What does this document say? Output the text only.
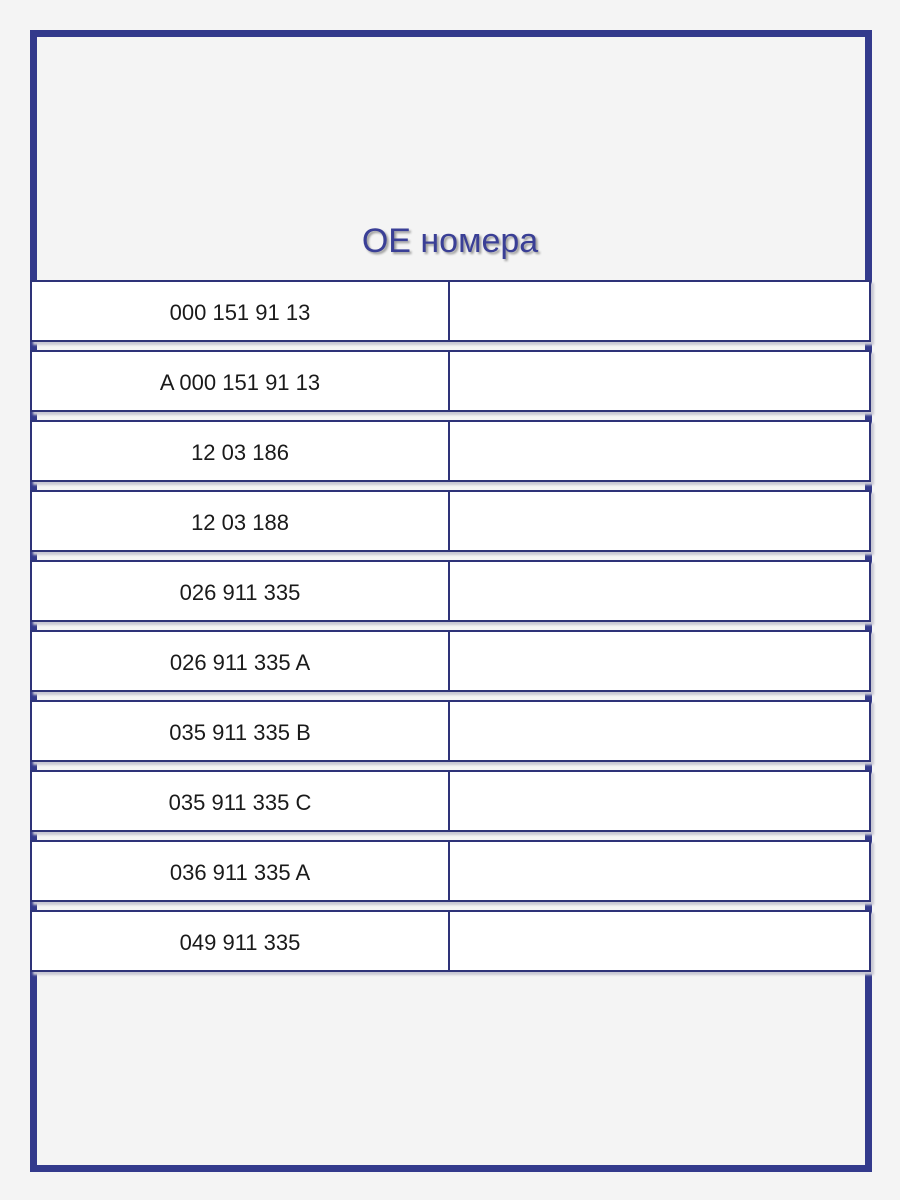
OE номера
000 151 91 13
A 000 151 91 13
12 03 186
12 03 188
026 911 335
026 911 335 A
035 911 335 B
035 911 335 C
036 911 335 A
049 911 335
